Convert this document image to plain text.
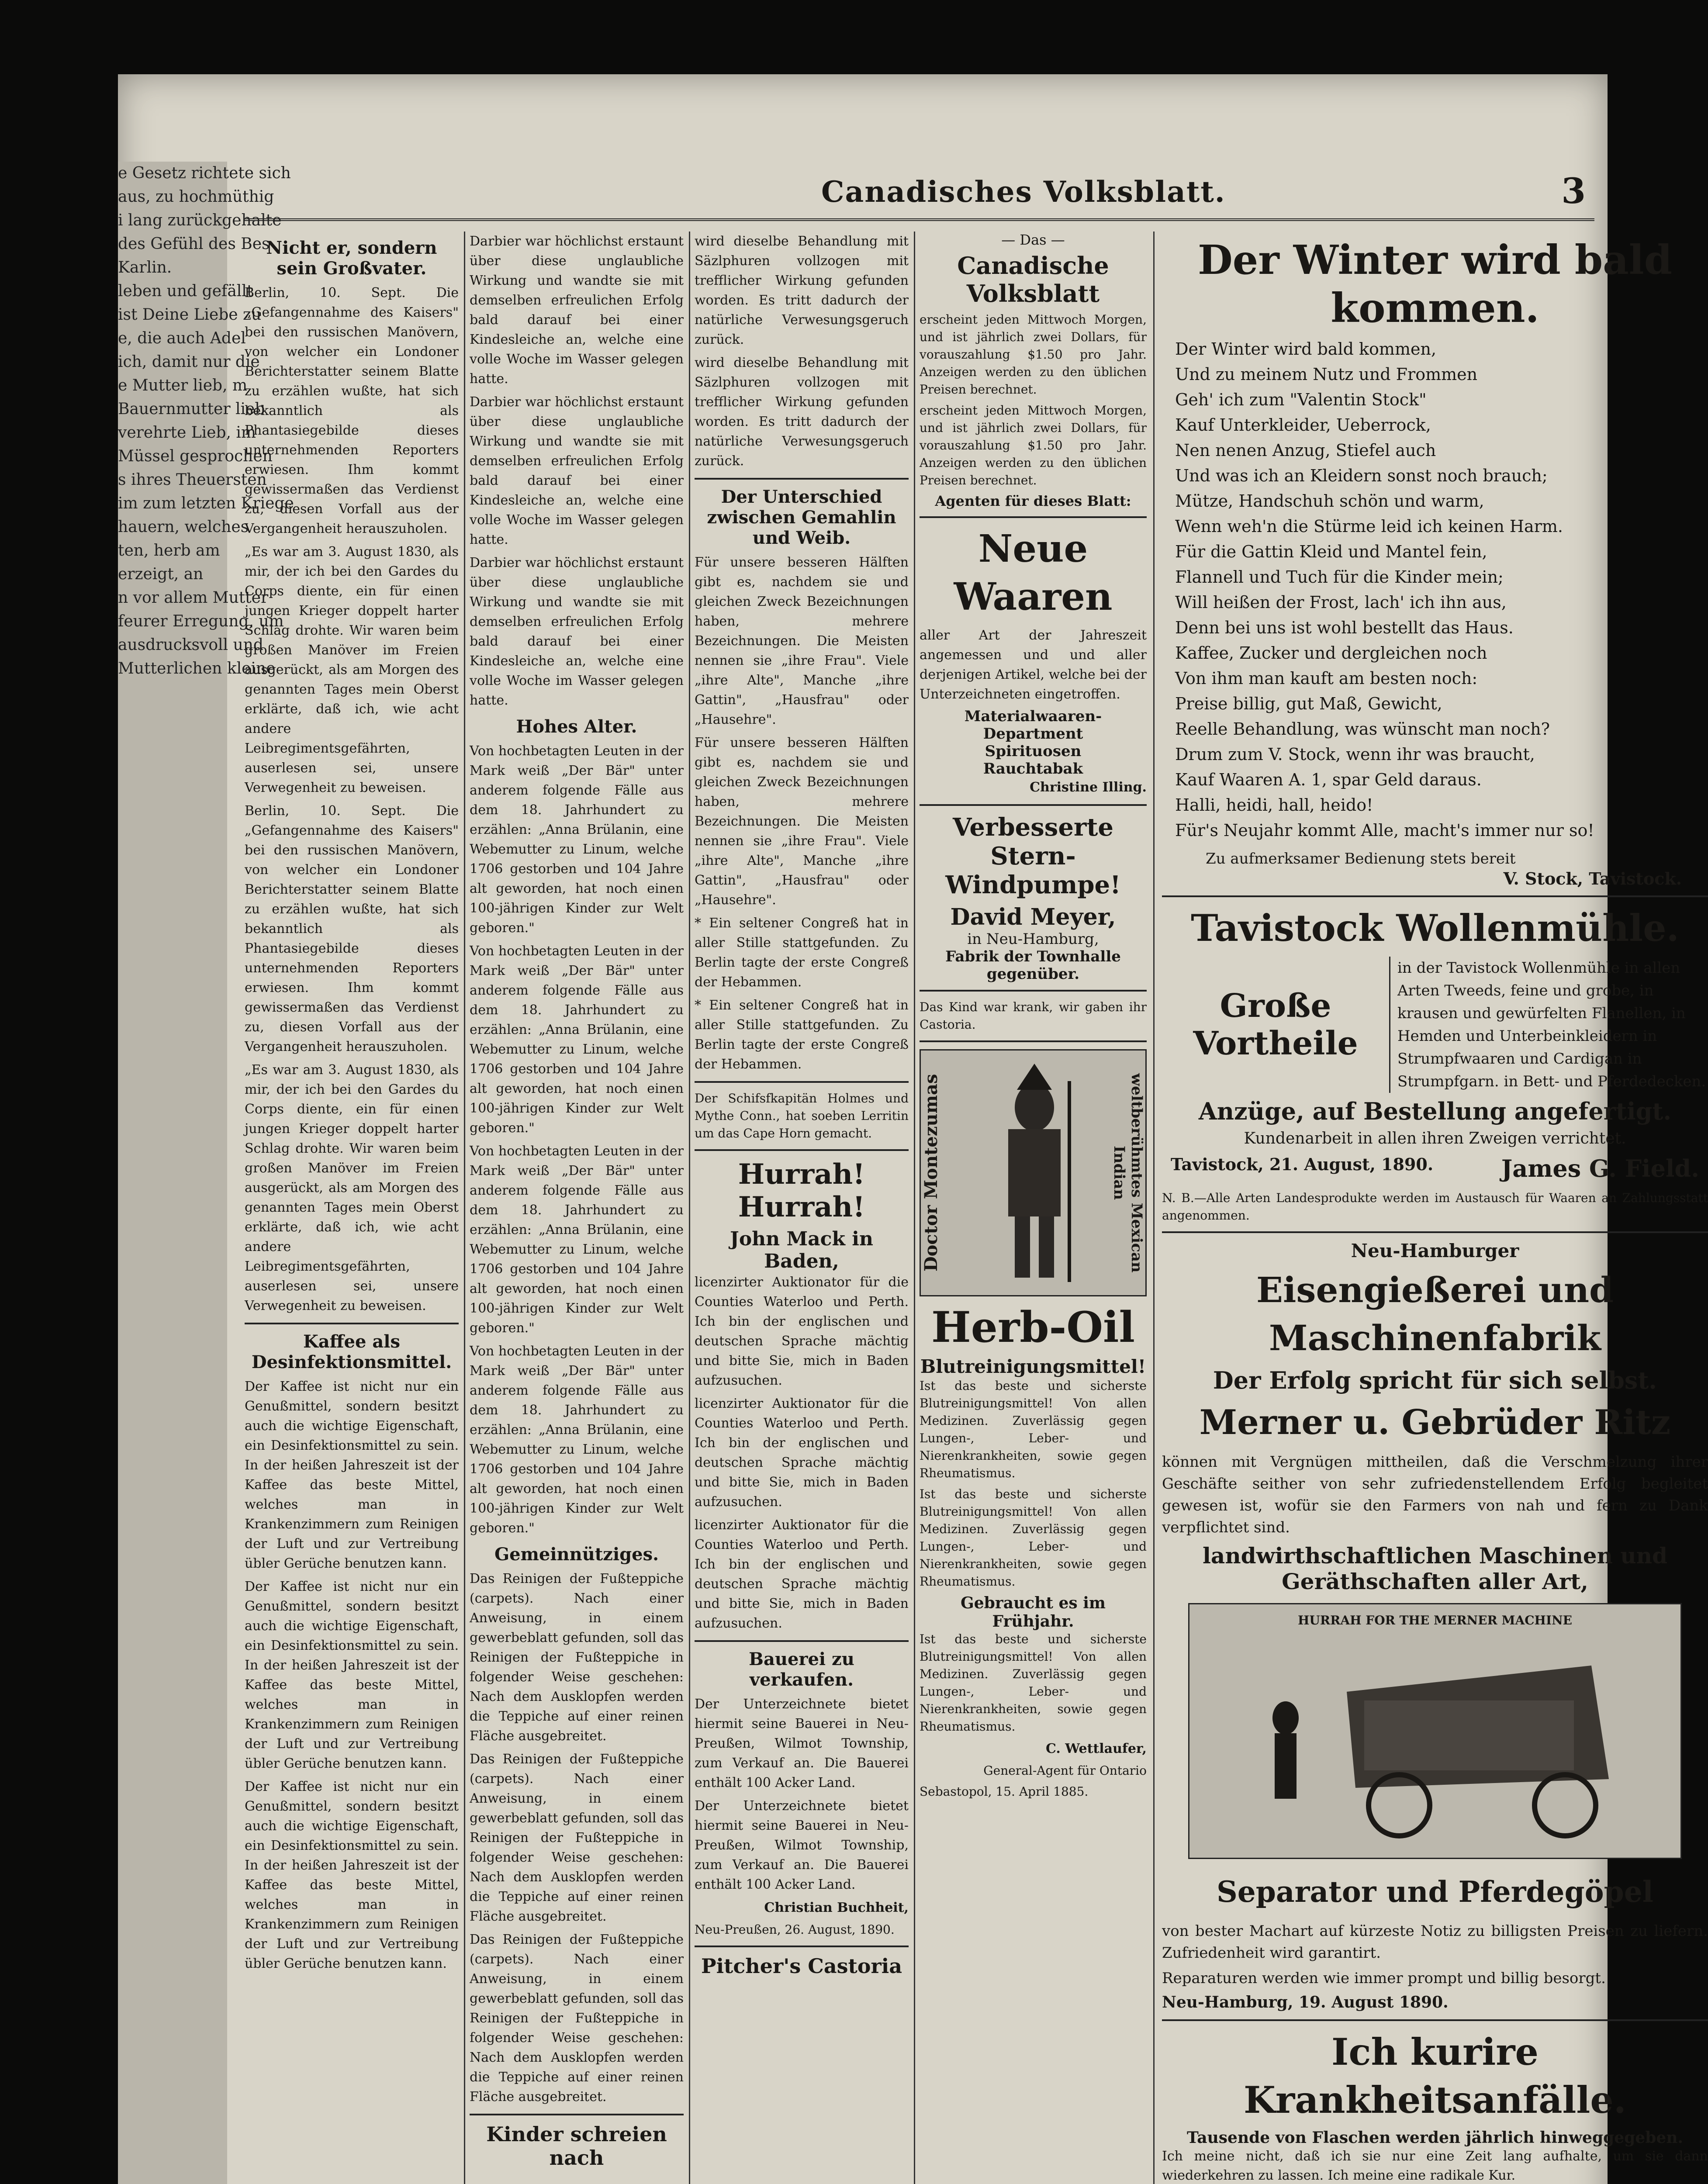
e Gesetz richtete sich

aus, zu hochmüthig

i lang zurückgehalte

des Gefühl des Bes

Karlin.

leben und gefällt

ist Deine Liebe zu

e, die auch Adel

ich, damit nur die

e Mutter lieb, m

Bauernmutter lieb

verehrte Lieb, im

Müssel gesprochen

s ihres Theuersten

im zum letzten Kriege

hauern, welches

ten, herb am

erzeigt, an

n vor allem Mutter

feurer Erregung, um

ausdrucksvoll und

Mutterlichen kleine

Canadisches Volksblatt.	3
Nicht er, sondern sein Großvater.

Berlin, 10. Sept. Die „Gefangennahme des Kaisers" bei den russischen Manövern, von welcher ein Londoner Berichterstatter seinem Blatte zu erzählen wußte, hat sich bekanntlich als Phantasiegebilde dieses unternehmenden Reporters erwiesen. Ihm kommt gewissermaßen das Verdienst zu, diesen Vorfall aus der Vergangenheit herauszuholen.

„Es war am 3. August 1830, als mir, der ich bei den Gardes du Corps diente, ein für einen jungen Krieger doppelt harter Schlag drohte. Wir waren beim großen Manöver im Freien ausgerückt, als am Morgen des genannten Tages mein Oberst erklärte, daß ich, wie acht andere Leibregimentsgefährten, auserlesen sei, unsere Verwegenheit zu beweisen.

Berlin, 10. Sept. Die „Gefangennahme des Kaisers" bei den russischen Manövern, von welcher ein Londoner Berichterstatter seinem Blatte zu erzählen wußte, hat sich bekanntlich als Phantasiegebilde dieses unternehmenden Reporters erwiesen. Ihm kommt gewissermaßen das Verdienst zu, diesen Vorfall aus der Vergangenheit herauszuholen.

„Es war am 3. August 1830, als mir, der ich bei den Gardes du Corps diente, ein für einen jungen Krieger doppelt harter Schlag drohte. Wir waren beim großen Manöver im Freien ausgerückt, als am Morgen des genannten Tages mein Oberst erklärte, daß ich, wie acht andere Leibregimentsgefährten, auserlesen sei, unsere Verwegenheit zu beweisen.

Kaffee als Desinfektionsmittel.

Der Kaffee ist nicht nur ein Genußmittel, sondern besitzt auch die wichtige Eigenschaft, ein Desinfektionsmittel zu sein. In der heißen Jahreszeit ist der Kaffee das beste Mittel, welches man in Krankenzimmern zum Reinigen der Luft und zur Vertreibung übler Gerüche benutzen kann.

Der Kaffee ist nicht nur ein Genußmittel, sondern besitzt auch die wichtige Eigenschaft, ein Desinfektionsmittel zu sein. In der heißen Jahreszeit ist der Kaffee das beste Mittel, welches man in Krankenzimmern zum Reinigen der Luft und zur Vertreibung übler Gerüche benutzen kann.

Der Kaffee ist nicht nur ein Genußmittel, sondern besitzt auch die wichtige Eigenschaft, ein Desinfektionsmittel zu sein. In der heißen Jahreszeit ist der Kaffee das beste Mittel, welches man in Krankenzimmern zum Reinigen der Luft und zur Vertreibung übler Gerüche benutzen kann.

Darbier war höchlichst erstaunt über diese unglaubliche Wirkung und wandte sie mit demselben erfreulichen Erfolg bald darauf bei einer Kindesleiche an, welche eine volle Woche im Wasser gelegen hatte.

Darbier war höchlichst erstaunt über diese unglaubliche Wirkung und wandte sie mit demselben erfreulichen Erfolg bald darauf bei einer Kindesleiche an, welche eine volle Woche im Wasser gelegen hatte.

Darbier war höchlichst erstaunt über diese unglaubliche Wirkung und wandte sie mit demselben erfreulichen Erfolg bald darauf bei einer Kindesleiche an, welche eine volle Woche im Wasser gelegen hatte.

Hohes Alter.

Von hochbetagten Leuten in der Mark weiß „Der Bär" unter anderem folgende Fälle aus dem 18. Jahrhundert zu erzählen: „Anna Brülanin, eine Webemutter zu Linum, welche 1706 gestorben und 104 Jahre alt geworden, hat noch einen 100-jährigen Kinder zur Welt geboren."

Von hochbetagten Leuten in der Mark weiß „Der Bär" unter anderem folgende Fälle aus dem 18. Jahrhundert zu erzählen: „Anna Brülanin, eine Webemutter zu Linum, welche 1706 gestorben und 104 Jahre alt geworden, hat noch einen 100-jährigen Kinder zur Welt geboren."

Von hochbetagten Leuten in der Mark weiß „Der Bär" unter anderem folgende Fälle aus dem 18. Jahrhundert zu erzählen: „Anna Brülanin, eine Webemutter zu Linum, welche 1706 gestorben und 104 Jahre alt geworden, hat noch einen 100-jährigen Kinder zur Welt geboren."

Von hochbetagten Leuten in der Mark weiß „Der Bär" unter anderem folgende Fälle aus dem 18. Jahrhundert zu erzählen: „Anna Brülanin, eine Webemutter zu Linum, welche 1706 gestorben und 104 Jahre alt geworden, hat noch einen 100-jährigen Kinder zur Welt geboren."

Gemeinnütziges.

Das Reinigen der Fußteppiche (carpets). Nach einer Anweisung, in einem gewerbeblatt gefunden, soll das Reinigen der Fußteppiche in folgender Weise geschehen: Nach dem Ausklopfen werden die Teppiche auf einer reinen Fläche ausgebreitet.

Das Reinigen der Fußteppiche (carpets). Nach einer Anweisung, in einem gewerbeblatt gefunden, soll das Reinigen der Fußteppiche in folgender Weise geschehen: Nach dem Ausklopfen werden die Teppiche auf einer reinen Fläche ausgebreitet.

Das Reinigen der Fußteppiche (carpets). Nach einer Anweisung, in einem gewerbeblatt gefunden, soll das Reinigen der Fußteppiche in folgender Weise geschehen: Nach dem Ausklopfen werden die Teppiche auf einer reinen Fläche ausgebreitet.

Kinder schreien nach

wird dieselbe Behandlung mit Säzlphuren vollzogen mit trefflicher Wirkung gefunden worden. Es tritt dadurch der natürliche Verwesungsgeruch zurück.

wird dieselbe Behandlung mit Säzlphuren vollzogen mit trefflicher Wirkung gefunden worden. Es tritt dadurch der natürliche Verwesungsgeruch zurück.

Der Unterschied zwischen Gemahlin und Weib.

Für unsere besseren Hälften gibt es, nachdem sie und gleichen Zweck Bezeichnungen haben, mehrere Bezeichnungen. Die Meisten nennen sie „ihre Frau". Viele „ihre Alte", Manche „ihre Gattin", „Hausfrau" oder „Hausehre".

Für unsere besseren Hälften gibt es, nachdem sie und gleichen Zweck Bezeichnungen haben, mehrere Bezeichnungen. Die Meisten nennen sie „ihre Frau". Viele „ihre Alte", Manche „ihre Gattin", „Hausfrau" oder „Hausehre".

* Ein seltener Congreß hat in aller Stille stattgefunden. Zu Berlin tagte der erste Congreß der Hebammen.

* Ein seltener Congreß hat in aller Stille stattgefunden. Zu Berlin tagte der erste Congreß der Hebammen.

Der Schifsfkapitän Holmes und Mythe Conn., hat soeben Lerritin um das Cape Horn gemacht.

Hurrah! Hurrah!
John Mack in Baden,

licenzirter Auktionator für die Counties Waterloo und Perth. Ich bin der englischen und deutschen Sprache mächtig und bitte Sie, mich in Baden aufzusuchen.

licenzirter Auktionator für die Counties Waterloo und Perth. Ich bin der englischen und deutschen Sprache mächtig und bitte Sie, mich in Baden aufzusuchen.

licenzirter Auktionator für die Counties Waterloo und Perth. Ich bin der englischen und deutschen Sprache mächtig und bitte Sie, mich in Baden aufzusuchen.

Bauerei zu verkaufen.

Der Unterzeichnete bietet hiermit seine Bauerei in Neu-Preußen, Wilmot Township, zum Verkauf an. Die Bauerei enthält 100 Acker Land.

Der Unterzeichnete bietet hiermit seine Bauerei in Neu-Preußen, Wilmot Township, zum Verkauf an. Die Bauerei enthält 100 Acker Land.

Christian Buchheit,

Neu-Preußen, 26. August, 1890.

Pitcher's Castoria
— Das —
Canadische Volksblatt

erscheint jeden Mittwoch Morgen, und ist jährlich zwei Dollars, für vorauszahlung $1.50 pro Jahr. Anzeigen werden zu den üblichen Preisen berechnet.

erscheint jeden Mittwoch Morgen, und ist jährlich zwei Dollars, für vorauszahlung $1.50 pro Jahr. Anzeigen werden zu den üblichen Preisen berechnet.

Agenten für dieses Blatt:
Neue Waaren

aller Art der Jahreszeit angemessen und und aller derjenigen Artikel, welche bei der Unterzeichneten eingetroffen.

Materialwaaren-Department
Spirituosen
Rauchtabak

Christine Illing.

Verbesserte Stern-Windpumpe!
David Meyer,
in Neu-Hamburg,
Fabrik der Townhalle gegenüber.

Das Kind war krank, wir gaben ihr Castoria.

Doctor Montezumas	weltberühmtes Mexican Indian
Herb-Oil
Blutreinigungsmittel!

Ist das beste und sicherste Blutreinigungsmittel! Von allen Medizinen. Zuverlässig gegen Lungen-, Leber- und Nierenkrankheiten, sowie gegen Rheumatismus.

Ist das beste und sicherste Blutreinigungsmittel! Von allen Medizinen. Zuverlässig gegen Lungen-, Leber- und Nierenkrankheiten, sowie gegen Rheumatismus.

Gebraucht es im Frühjahr.

Ist das beste und sicherste Blutreinigungsmittel! Von allen Medizinen. Zuverlässig gegen Lungen-, Leber- und Nierenkrankheiten, sowie gegen Rheumatismus.

C. Wettlaufer,

General-Agent für Ontario

Sebastopol, 15. April 1885.

Der Winter wird bald kommen.

Der Winter wird bald kommen,

Und zu meinem Nutz und Frommen

Geh' ich zum "Valentin Stock"

Kauf Unterkleider, Ueberrock,

Nen nenen Anzug, Stiefel auch

Und was ich an Kleidern sonst noch brauch;

Mütze, Handschuh schön und warm,

Wenn weh'n die Stürme leid ich keinen Harm.

Für die Gattin Kleid und Mantel fein,

Flannell und Tuch für die Kinder mein;

Will heißen der Frost, lach' ich ihn aus,

Denn bei uns ist wohl bestellt das Haus.

Kaffee, Zucker und dergleichen noch

Von ihm man kauft am besten noch:

Preise billig, gut Maß, Gewicht,

Reelle Behandlung, was wünscht man noch?

Drum zum V. Stock, wenn ihr was braucht,

Kauf Waaren A. 1, spar Geld daraus.

Halli, heidi, hall, heido!

Für's Neujahr kommt Alle, macht's immer nur so!

Zu aufmerksamer Bedienung stets bereit

V. Stock, Tavistock.

Tavistock Wollenmühle.
Große Vortheile
in der Tavistock Wollenmühle in allen Arten Tweeds, feine und grobe, in krausen und gewürfelten Flanellen, in Hemden und Unterbeinkleidern in Strumpfwaaren und Cardigan in Strumpfgarn. in Bett- und Pferdedecken.
Anzüge, auf Bestellung angefertigt.
Kundenarbeit in allen ihren Zweigen verrichtet.
Tavistock, 21. August, 1890.	James G. Field.

N. B.—Alle Arten Landesprodukte werden im Austausch für Waaren an Zahlungsstatt angenommen.

Neu-Hamburger
Eisengießerei und Maschinenfabrik
Der Erfolg spricht für sich selbst.
Merner u. Gebrüder Ritz

können mit Vergnügen mittheilen, daß die Verschmelzung ihrer Geschäfte seither von sehr zufriedenstellendem Erfolg begleitet gewesen ist, wofür sie den Farmers von nah und fern zu Dank verpflichtet sind.

landwirthschaftlichen Maschinen und Geräthschaften aller Art,
HURRAH FOR THE MERNER MACHINE
Separator und Pferdegöpel

von bester Machart auf kürzeste Notiz zu billigsten Preisen zu liefern. Zufriedenheit wird garantirt.

Reparaturen werden wie immer prompt und billig besorgt.

Neu-Hamburg, 19. August 1890.

Ich kurire Krankheitsanfälle.
Tausende von Flaschen werden jährlich hinweggegeben.

Ich meine nicht, daß ich sie nur eine Zeit lang aufhalte, um sie dann wiederkehren zu lassen. Ich meine eine radikale Kur.
